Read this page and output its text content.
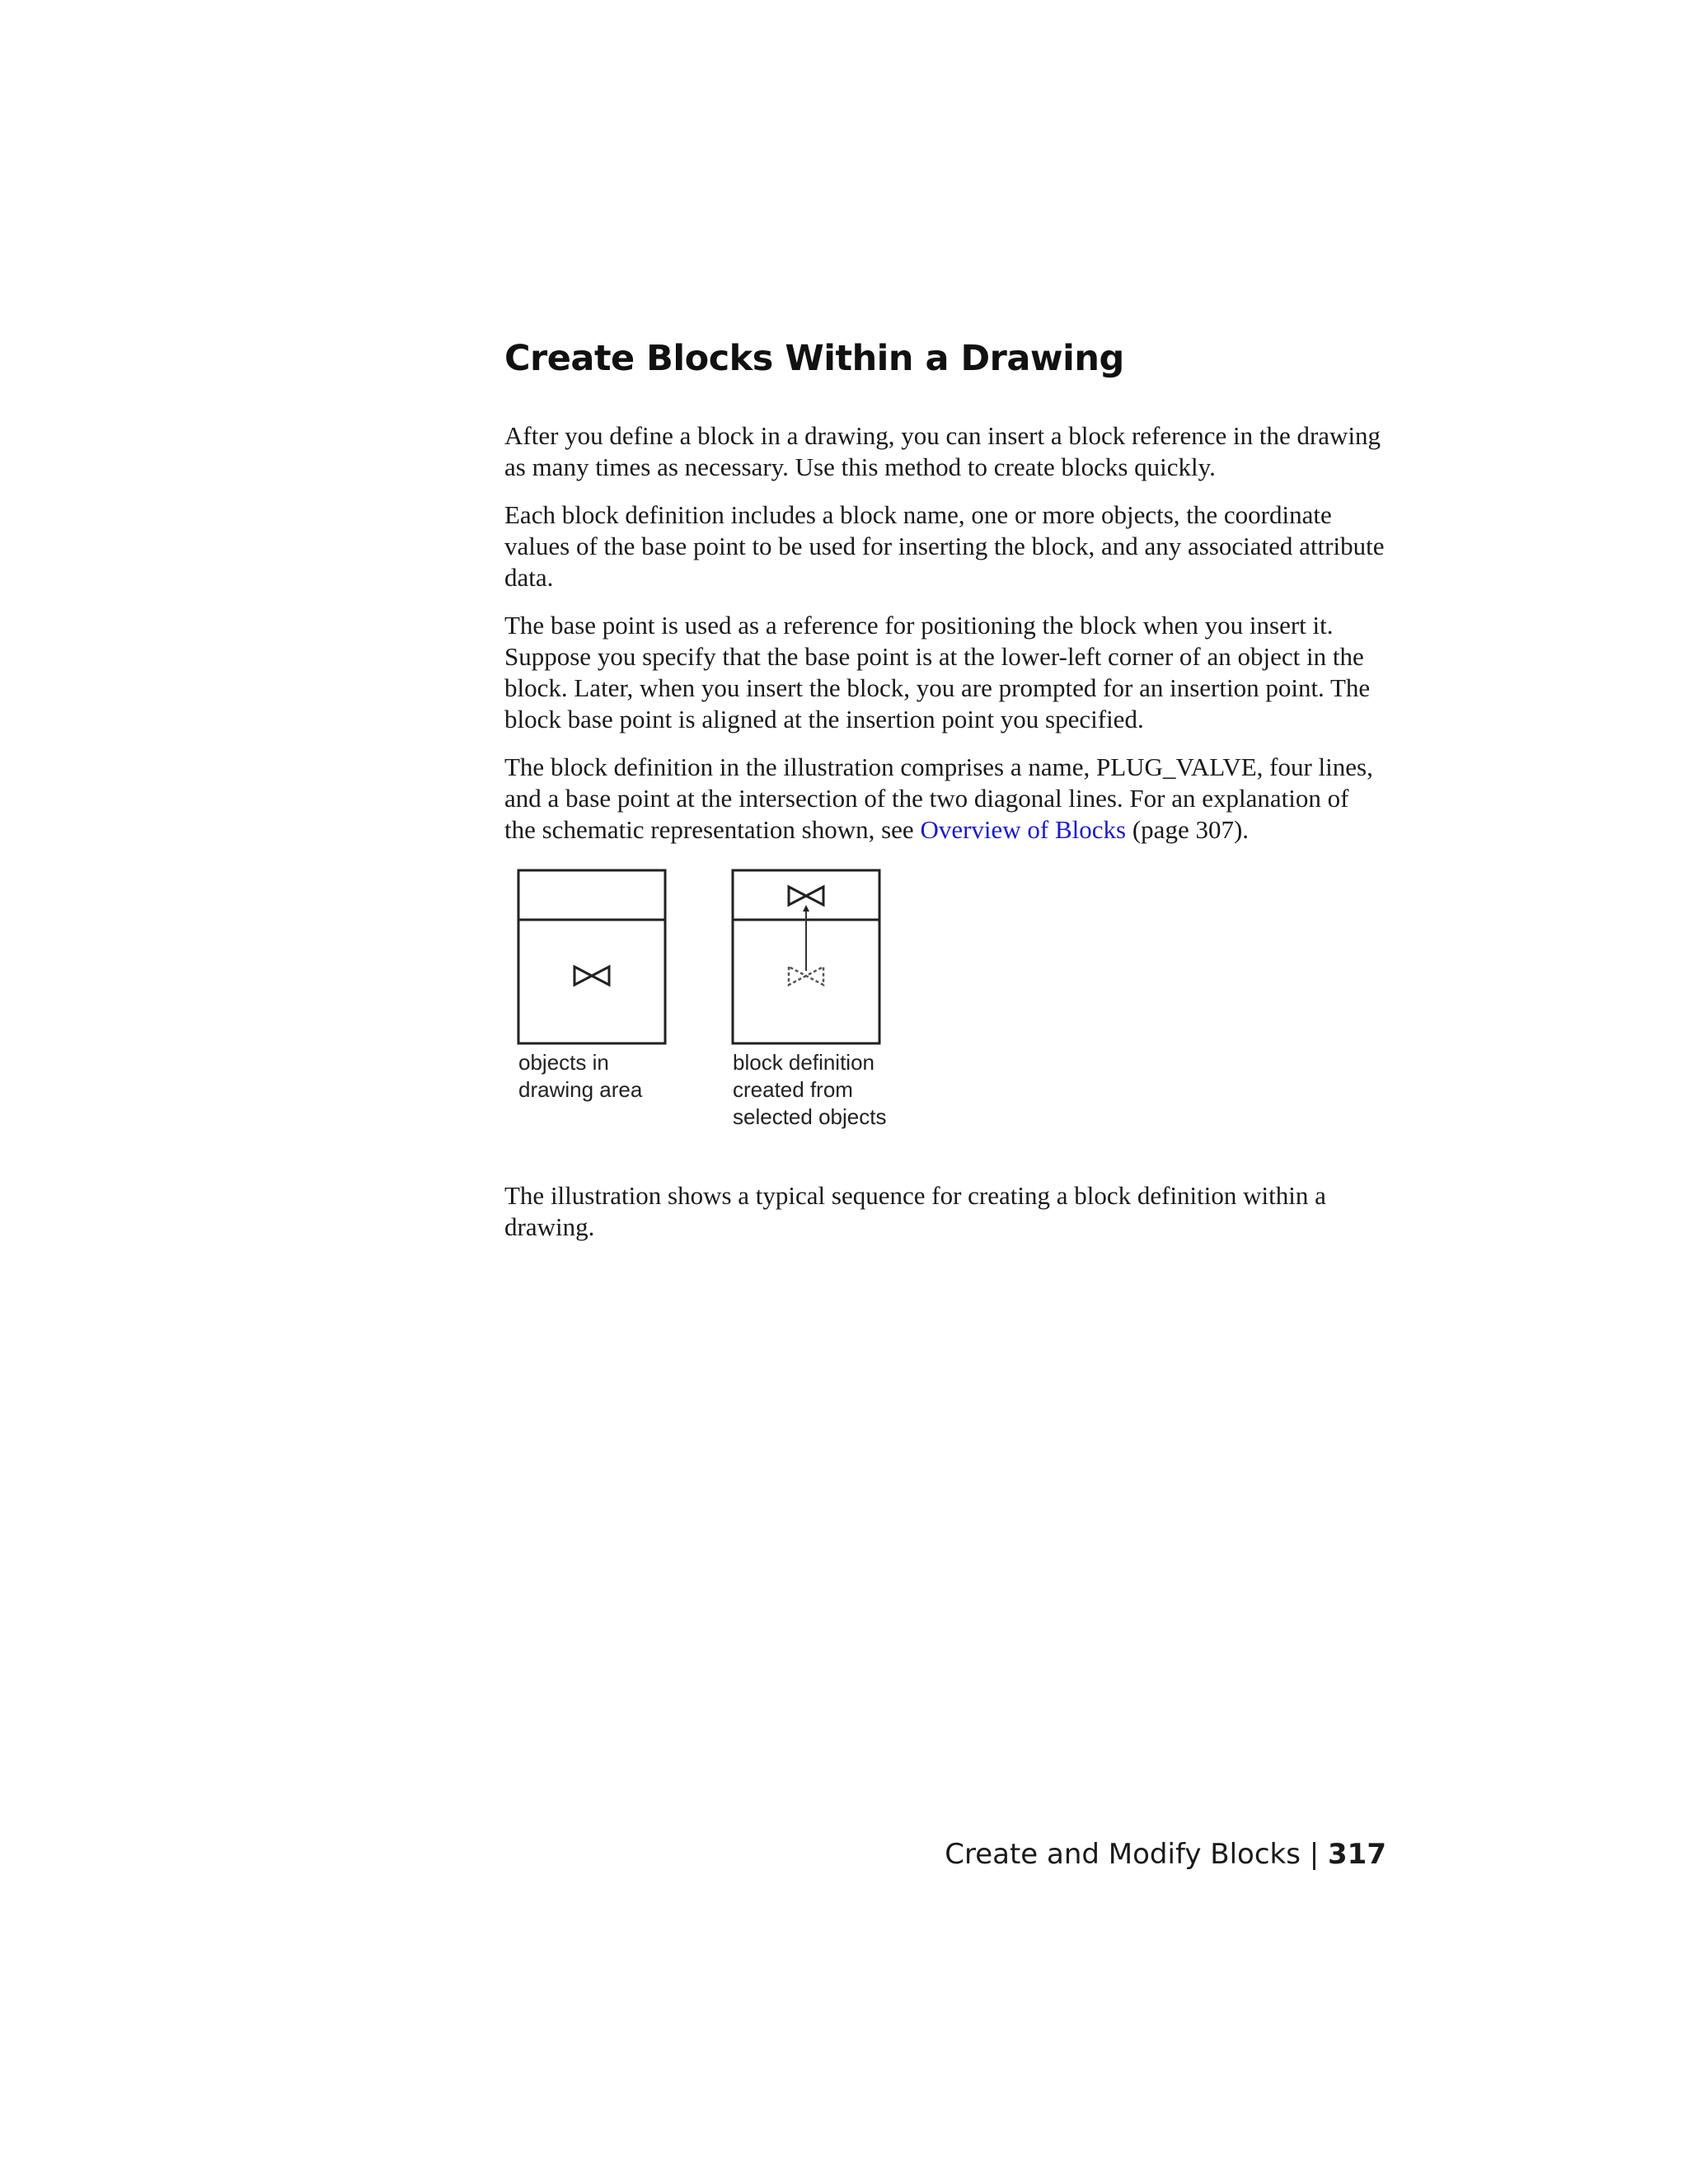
Create Blocks Within a Drawing

After you define a block in a drawing, you can insert a block reference in the drawing as many times as necessary. Use this method to create blocks quickly.

Each block definition includes a block name, one or more objects, the coordinate values of the base point to be used for inserting the block, and any associated attribute data.

The base point is used as a reference for positioning the block when you insert it. Suppose you specify that the base point is at the lower-left corner of an object in the block. Later, when you insert the block, you are prompted for an insertion point. The block base point is aligned at the insertion point you specified.

The block definition in the illustration comprises a name, PLUG_VALVE, four lines, and a base point at the intersection of the two diagonal lines. For an explanation of the schematic representation shown, see Overview of Blocks (page 307).

objects in
drawing area
block definition
created from
selected objects

The illustration shows a typical sequence for creating a block definition within a drawing.

Create and Modify Blocks | 317
